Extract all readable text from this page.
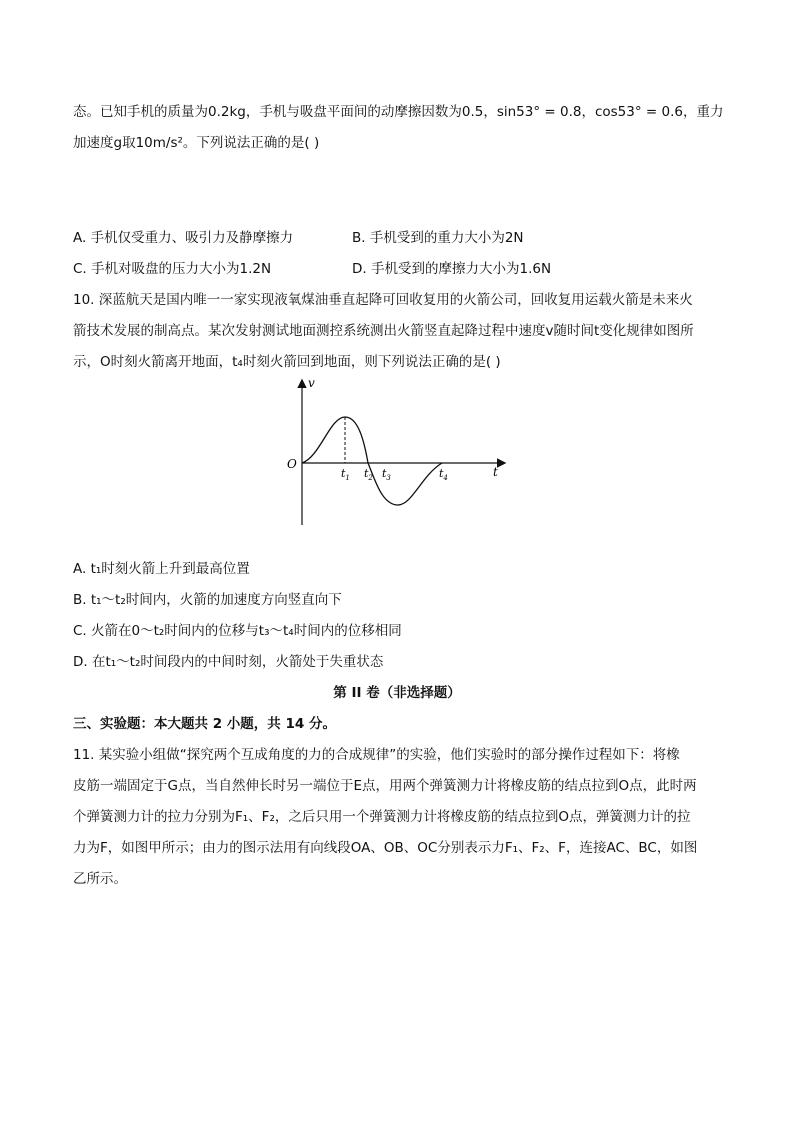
态。已知手机的质量为0.2kg，手机与吸盘平面间的动摩擦因数为0.5，sin53° = 0.8，cos53° = 0.6，重力
加速度g取10m/s²。下列说法正确的是( )
A. 手机仅受重力、吸引力及静摩擦力	B. 手机受到的重力大小为2N
C. 手机对吸盘的压力大小为1.2N	D. 手机受到的摩擦力大小为1.6N
10. 深蓝航天是国内唯一一家实现液氧煤油垂直起降可回收复用的火箭公司，回收复用运载火箭是未来火
箭技术发展的制高点。某次发射测试地面测控系统测出火箭竖直起降过程中速度v随时间t变化规律如图所
示，O时刻火箭离开地面，t₄时刻火箭回到地面，则下列说法正确的是( )
v
t
O
$t_1$ $t_2$ $t_3$	$t_4$
A. t₁时刻火箭上升到最高位置
B. t₁～t₂时间内，火箭的加速度方向竖直向下
C. 火箭在0～t₂时间内的位移与t₃～t₄时间内的位移相同
D. 在t₁～t₂时间段内的中间时刻，火箭处于失重状态
第 II 卷（非选择题）
三、实验题：本大题共 2 小题，共 14 分。
11. 某实验小组做“探究两个互成角度的力的合成规律”的实验，他们实验时的部分操作过程如下：将橡
皮筋一端固定于G点，当自然伸长时另一端位于E点，用两个弹簧测力计将橡皮筋的结点拉到O点，此时两
个弹簧测力计的拉力分别为F₁、F₂，之后只用一个弹簧测力计将橡皮筋的结点拉到O点，弹簧测力计的拉
力为F，如图甲所示；由力的图示法用有向线段OA、OB、OC分别表示力F₁、F₂、F，连接AC、BC，如图
乙所示。
